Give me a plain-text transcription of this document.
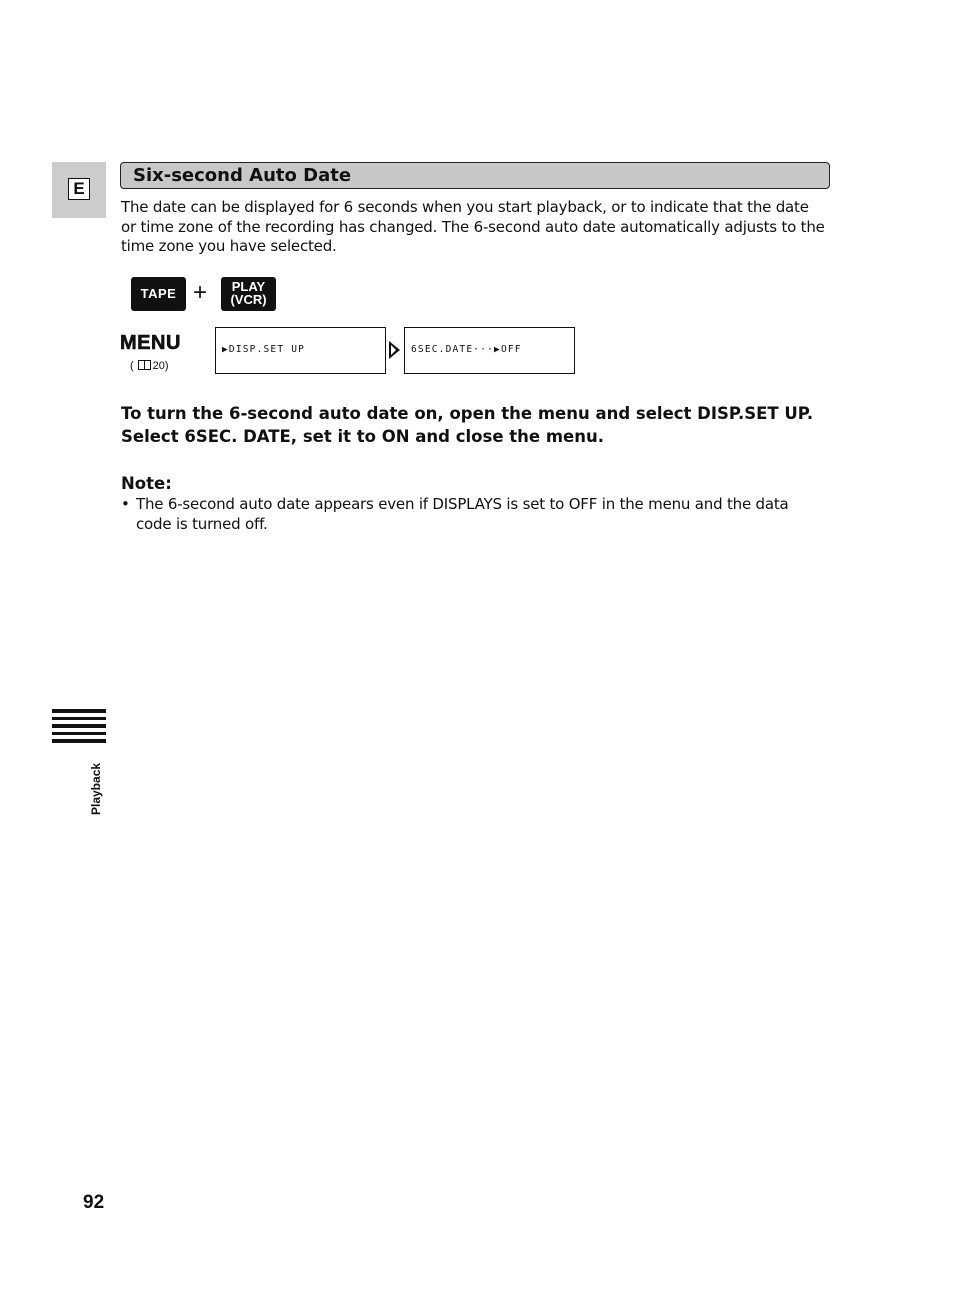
E
Six-second Auto Date
The date can be displayed for 6 seconds when you start playback, or to indicate that the date or time zone of the recording has changed. The 6-second auto date automatically adjusts to the time zone you have selected.
TAPE +	PLAY
(VCR)
MENU
( 20)
▶DISP.SET UP	6SEC.DATE···▶OFF
To turn the 6-second auto date on, open the menu and select DISP.SET UP. Select 6SEC. DATE, set it to ON and close the menu.
Note:
• The 6-second auto date appears even if DISPLAYS is set to OFF in the menu and the data code is turned off.
Playback
92
